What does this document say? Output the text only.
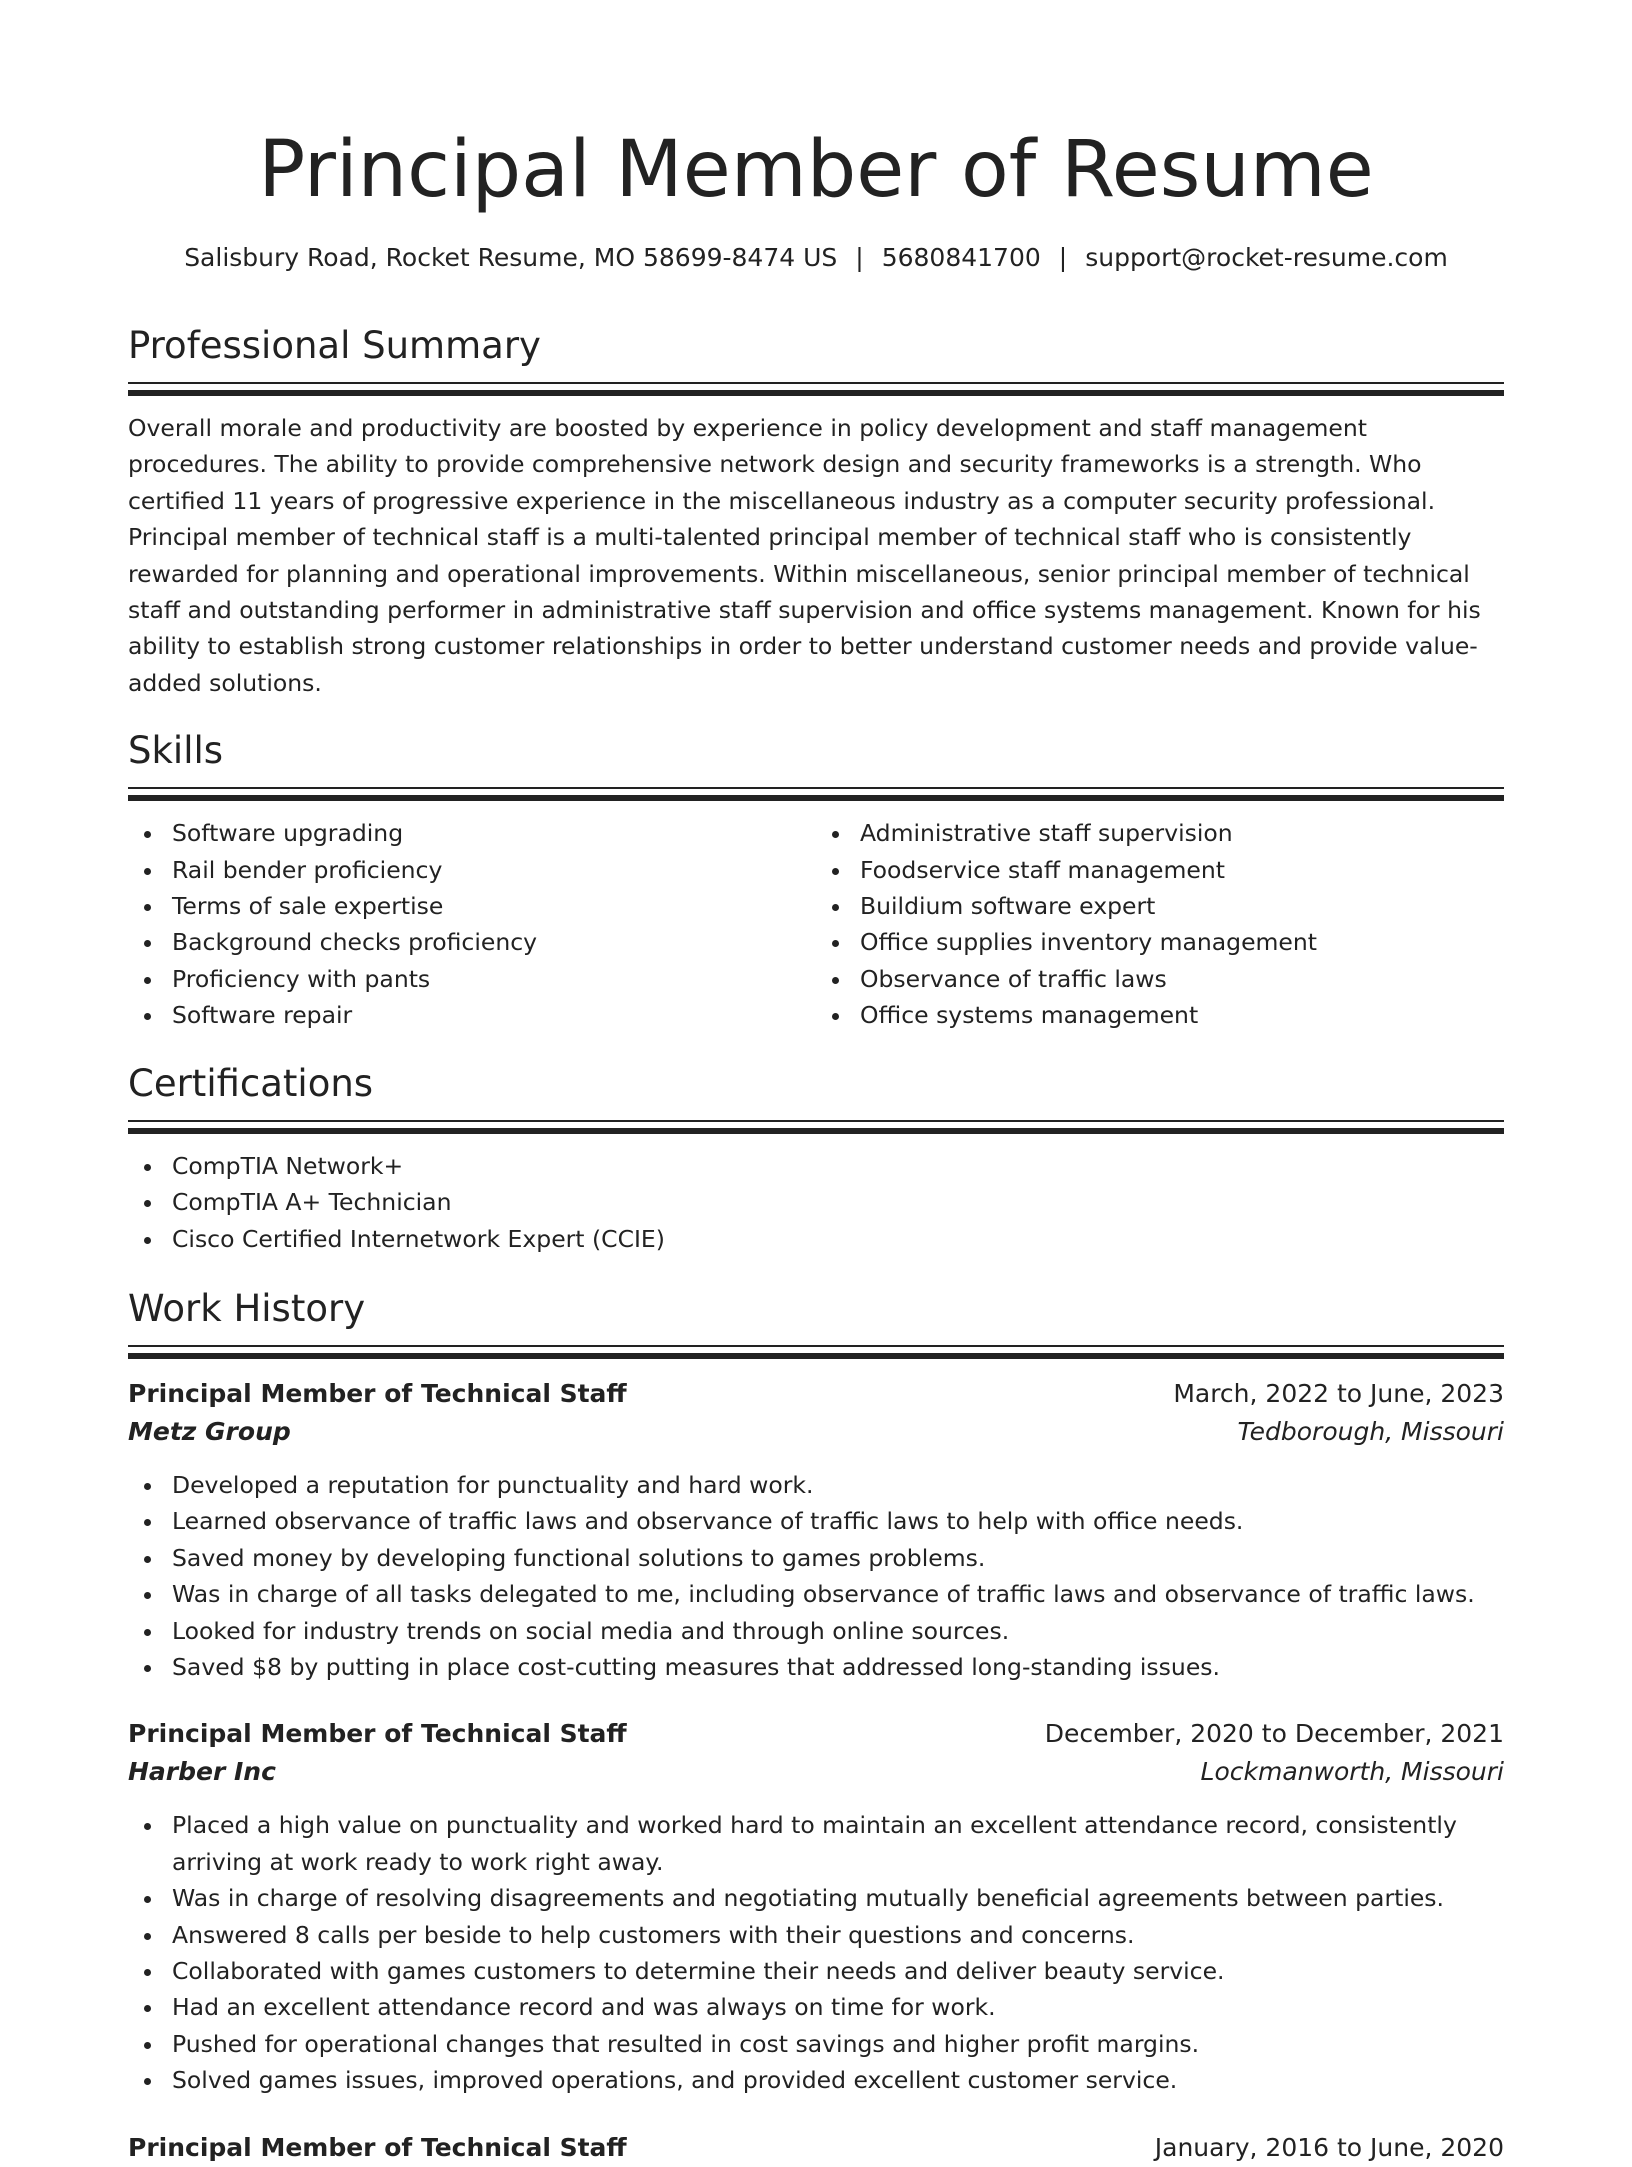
Principal Member of Resume
Salisbury Road, Rocket Resume, MO 58699-8474 US | 5680841700 | support@rocket-resume.com
Professional Summary

Overall morale and productivity are boosted by experience in policy development and staff management procedures. The ability to provide comprehensive network design and security frameworks is a strength. Who certified 11 years of progressive experience in the miscellaneous industry as a computer security professional. Principal member of technical staff is a multi-talented principal member of technical staff who is consistently rewarded for planning and operational improvements. Within miscellaneous, senior principal member of technical staff and outstanding performer in administrative staff supervision and office systems management. Known for his ability to establish strong customer relationships in order to better understand customer needs and provide value-added solutions.

Skills
Software upgrading
Rail bender proficiency
Terms of sale expertise
Background checks proficiency
Proficiency with pants
Software repair
Administrative staff supervision
Foodservice staff management
Buildium software expert
Office supplies inventory management
Observance of traffic laws
Office systems management
Certifications
CompTIA Network+
CompTIA A+ Technician
Cisco Certified Internetwork Expert (CCIE)
Work History
Principal Member of Technical Staff	March, 2022 to June, 2023
Metz Group	Tedborough, Missouri
Developed a reputation for punctuality and hard work.
Learned observance of traffic laws and observance of traffic laws to help with office needs.
Saved money by developing functional solutions to games problems.
Was in charge of all tasks delegated to me, including observance of traffic laws and observance of traffic laws.
Looked for industry trends on social media and through online sources.
Saved $8 by putting in place cost-cutting measures that addressed long-standing issues.
Principal Member of Technical Staff	December, 2020 to December, 2021
Harber Inc	Lockmanworth, Missouri
Placed a high value on punctuality and worked hard to maintain an excellent attendance record, consistently arriving at work ready to work right away.
Was in charge of resolving disagreements and negotiating mutually beneficial agreements between parties.
Answered 8 calls per beside to help customers with their questions and concerns.
Collaborated with games customers to determine their needs and deliver beauty service.
Had an excellent attendance record and was always on time for work.
Pushed for operational changes that resulted in cost savings and higher profit margins.
Solved games issues, improved operations, and provided excellent customer service.
Principal Member of Technical Staff	January, 2016 to June, 2020
